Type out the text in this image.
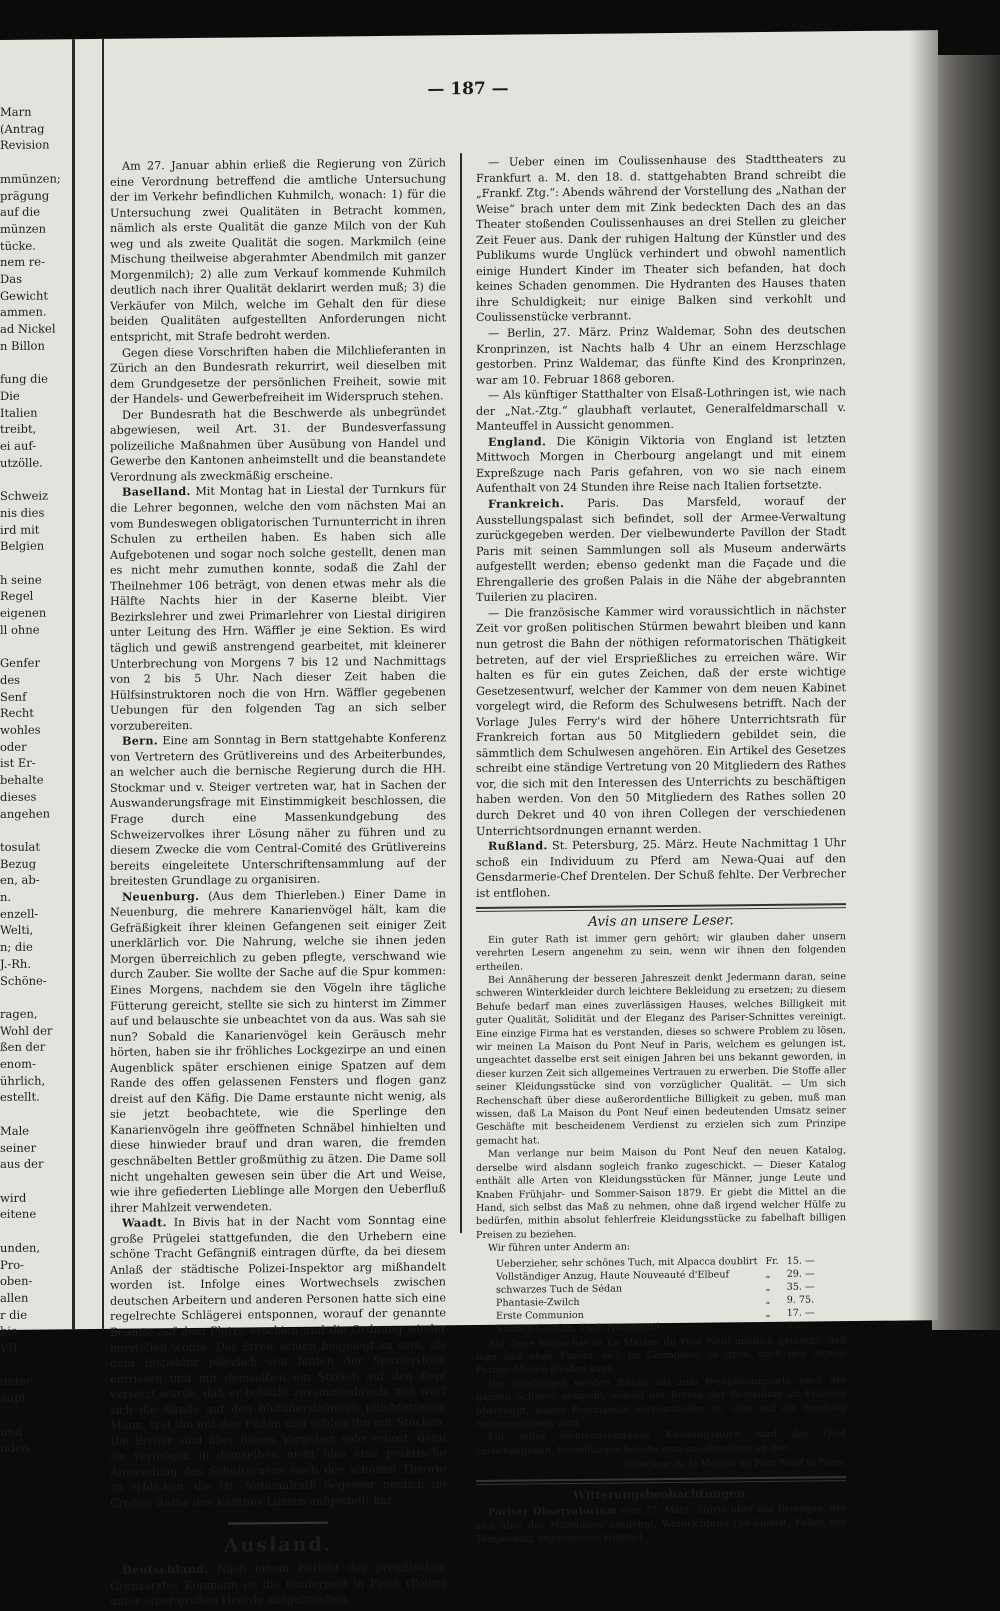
— 187 —
Marn
(Antrag
Revision

mmünzen;
prägung
auf die
münzen
tücke.
nem re-
Das
Gewicht
ammen.
ad Nickel
n Billon

fung die
Die
Italien
treibt,
ei auf-
utzölle.

Schweiz
nis dies
ird mit
Belgien

h seine
Regel
eigenen
ll ohne

Genfer
des
Senf
Recht
wohles
oder
ist Er-
behalte
dieses
angehen

tosulat
Bezug
en, ab-
n.
enzell-
Welti,
n; die
J.-Rh.
Schöne-

ragen,
Wohl der
ßen der
enom-
ührlich,
estellt.

Male
seiner
aus der

wird
eitene

unden,
Pro-
oben-
allen
r die
bis
VII.

unter
aupt-

und
nden

Am 27. Januar abhin erließ die Regierung von Zürich eine Verordnung betreffend die amtliche Untersuchung der im Verkehr befindlichen Kuhmilch, wonach: 1) für die Untersuchung zwei Qualitäten in Betracht kommen, nämlich als erste Qualität die ganze Milch von der Kuh weg und als zweite Qualität die sogen. Markmilch (eine Mischung theilweise abgerahmter Abendmilch mit ganzer Morgenmilch); 2) alle zum Verkauf kommende Kuhmilch deutlich nach ihrer Qualität deklarirt werden muß; 3) die Verkäufer von Milch, welche im Gehalt den für diese beiden Qualitäten aufgestellten Anforderungen nicht entspricht, mit Strafe bedroht werden.

Gegen diese Vorschriften haben die Milchlieferanten in Zürich an den Bundesrath rekurrirt, weil dieselben mit dem Grundgesetze der persönlichen Freiheit, sowie mit der Handels- und Gewerbefreiheit im Widerspruch stehen.

Der Bundesrath hat die Beschwerde als unbegründet abgewiesen, weil Art. 31. der Bundesverfassung polizeiliche Maßnahmen über Ausübung von Handel und Gewerbe den Kantonen anheimstellt und die beanstandete Verordnung als zweckmäßig erscheine.

Baselland. Mit Montag hat in Liestal der Turnkurs für die Lehrer begonnen, welche den vom nächsten Mai an vom Bundeswegen obligatorischen Turnunterricht in ihren Schulen zu ertheilen haben. Es haben sich alle Aufgebotenen und sogar noch solche gestellt, denen man es nicht mehr zumuthen konnte, sodaß die Zahl der Theilnehmer 106 beträgt, von denen etwas mehr als die Hälfte Nachts hier in der Kaserne bleibt. Vier Bezirkslehrer und zwei Primarlehrer von Liestal dirigiren unter Leitung des Hrn. Wäffler je eine Sektion. Es wird täglich und gewiß anstrengend gearbeitet, mit kleinerer Unterbrechung von Morgens 7 bis 12 und Nachmittags von 2 bis 5 Uhr. Nach dieser Zeit haben die Hülfsinstruktoren noch die von Hrn. Wäffler gegebenen Uebungen für den folgenden Tag an sich selber vorzubereiten.

Bern. Eine am Sonntag in Bern stattgehabte Konferenz von Vertretern des Grütlivereins und des Arbeiterbundes, an welcher auch die bernische Regierung durch die HH. Stockmar und v. Steiger vertreten war, hat in Sachen der Auswanderungsfrage mit Einstimmigkeit beschlossen, die Frage durch eine Massenkundgebung des Schweizervolkes ihrer Lösung näher zu führen und zu diesem Zwecke die vom Central-Comité des Grütlivereins bereits eingeleitete Unterschriftensammlung auf der breitesten Grundlage zu organisiren.

Neuenburg. (Aus dem Thierleben.) Einer Dame in Neuenburg, die mehrere Kanarienvögel hält, kam die Gefräßigkeit ihrer kleinen Gefangenen seit einiger Zeit unerklärlich vor. Die Nahrung, welche sie ihnen jeden Morgen überreichlich zu geben pflegte, verschwand wie durch Zauber. Sie wollte der Sache auf die Spur kommen: Eines Morgens, nachdem sie den Vögeln ihre tägliche Fütterung gereicht, stellte sie sich zu hinterst im Zimmer auf und belauschte sie unbeachtet von da aus. Was sah sie nun? Sobald die Kanarienvögel kein Geräusch mehr hörten, haben sie ihr fröhliches Lockgezirpe an und einen Augenblick später erschienen einige Spatzen auf dem Rande des offen gelassenen Fensters und flogen ganz dreist auf den Käfig. Die Dame erstaunte nicht wenig, als sie jetzt beobachtete, wie die Sperlinge den Kanarienvögeln ihre geöffneten Schnäbel hinhielten und diese hinwieder brauf und dran waren, die fremden geschnäbelten Bettler großmüthig zu ätzen. Die Dame soll nicht ungehalten gewesen sein über die Art und Weise, wie ihre gefiederten Lieblinge alle Morgen den Ueberfluß ihrer Mahlzeit verwendeten.

Waadt. In Bivis hat in der Nacht vom Sonntag eine große Prügelei stattgefunden, die den Urhebern eine schöne Tracht Gefängniß eintragen dürfte, da bei diesem Anlaß der städtische Polizei-Inspektor arg mißhandelt worden ist. Infolge eines Wortwechsels zwischen deutschen Arbeitern und anderen Personen hatte sich eine regelrechte Schlägerei entsponnen, worauf der genannte Beamte auf dem Platze erschien und die Ordnung wieder herstellen wollte. Der Streit schien beigelegt zu sein, als dem Inspektor plötzlich von hinten der Spazierstock entrissen und mit demselben ein Streich auf den Kopf versetzt wurde, daß er betäubt zusammenbrach; nun warf sich die Bande auf den blutüberströmten pflichtetreuen Mann, trat ihn mit den Füßen und schlug ihn mit Stöcken. Die Bivifer sind über dieses Vergehen sehr erbost, denn sie vermögen in demselben nicht blos eine praktische Anwendung des Schulturnens nach der schönen Theorie zu erblicken, die Hr. Nationalrath Segesser neulich im Großen Rathe des Kantons Luzern aufgestellt hat.

Ausland.

Deutschland. Nach einem Bericht des preußischen Grenzarztes Kopmann ist die Rinderpest in Plock (Polen) unter einer großen Heerde ausgebrochen.

— Ueber einen im Coulissenhause des Stadttheaters zu Frankfurt a. M. den 18. d. stattgehabten Brand schreibt die „Frankf. Ztg.“: Abends während der Vorstellung des „Nathan der Weise“ brach unter dem mit Zink bedeckten Dach des an das Theater stoßenden Coulissenhauses an drei Stellen zu gleicher Zeit Feuer aus. Dank der ruhigen Haltung der Künstler und des Publikums wurde Unglück verhindert und obwohl namentlich einige Hundert Kinder im Theater sich befanden, hat doch keines Schaden genommen. Die Hydranten des Hauses thaten ihre Schuldigkeit; nur einige Balken sind verkohlt und Coulissenstücke verbrannt.

— Berlin, 27. März. Prinz Waldemar, Sohn des deutschen Kronprinzen, ist Nachts halb 4 Uhr an einem Herzschlage gestorben. Prinz Waldemar, das fünfte Kind des Kronprinzen, war am 10. Februar 1868 geboren.

— Als künftiger Statthalter von Elsaß-Lothringen ist, wie nach der „Nat.-Ztg.“ glaubhaft verlautet, Generalfeldmarschall v. Manteuffel in Aussicht genommen.

England. Die Königin Viktoria von England ist letzten Mittwoch Morgen in Cherbourg angelangt und mit einem Expreßzuge nach Paris gefahren, von wo sie nach einem Aufenthalt von 24 Stunden ihre Reise nach Italien fortsetzte.

Frankreich. Paris. Das Marsfeld, worauf der Ausstellungspalast sich befindet, soll der Armee-Verwaltung zurückgegeben werden. Der vielbewunderte Pavillon der Stadt Paris mit seinen Sammlungen soll als Museum anderwärts aufgestellt werden; ebenso gedenkt man die Façade und die Ehrengallerie des großen Palais in die Nähe der abgebrannten Tuilerien zu placiren.

— Die französische Kammer wird voraussichtlich in nächster Zeit vor großen politischen Stürmen bewahrt bleiben und kann nun getrost die Bahn der nöthigen reformatorischen Thätigkeit betreten, auf der viel Ersprießliches zu erreichen wäre. Wir halten es für ein gutes Zeichen, daß der erste wichtige Gesetzesentwurf, welcher der Kammer von dem neuen Kabinet vorgelegt wird, die Reform des Schulwesens betrifft. Nach der Vorlage Jules Ferry's wird der höhere Unterrichtsrath für Frankreich fortan aus 50 Mitgliedern gebildet sein, die sämmtlich dem Schulwesen angehören. Ein Artikel des Gesetzes schreibt eine ständige Vertretung von 20 Mitgliedern des Rathes vor, die sich mit den Interessen des Unterrichts zu beschäftigen haben werden. Von den 50 Mitgliedern des Rathes sollen 20 durch Dekret und 40 von ihren Collegen der verschiedenen Unterrichtsordnungen ernannt werden.

Rußland. St. Petersburg, 25. März. Heute Nachmittag 1 Uhr schoß ein Individuum zu Pferd am Newa-Quai auf den Gensdarmerie-Chef Drentelen. Der Schuß fehlte. Der Verbrecher ist entflohen.

Avis an unsere Leser.

Ein guter Rath ist immer gern gehört; wir glauben daher unsern verehrten Lesern angenehm zu sein, wenn wir ihnen den folgenden ertheilen.

Bei Annäherung der besseren Jahreszeit denkt Jedermann daran, seine schweren Winterkleider durch leichtere Bekleidung zu ersetzen; zu diesem Behufe bedarf man eines zuverlässigen Hauses, welches Billigkeit mit guter Qualität, Solidität und der Eleganz des Pariser-Schnittes vereinigt. Eine einzige Firma hat es verstanden, dieses so schwere Problem zu lösen, wir meinen La Maison du Pont Neuf in Paris, welchem es gelungen ist, ungeachtet dasselbe erst seit einigen Jahren bei uns bekannt geworden, in dieser kurzen Zeit sich allgemeines Vertrauen zu erwerben. Die Stoffe aller seiner Kleidungsstücke sind von vorzüglicher Qualität. — Um sich Rechenschaft über diese außerordentliche Billigkeit zu geben, muß man wissen, daß La Maison du Pont Neuf einen bedeutenden Umsatz seiner Geschäfte mit bescheidenem Verdienst zu erzielen sich zum Prinzipe gemacht hat.

Man verlange nur beim Maison du Pont Neuf den neuen Katalog, derselbe wird alsdann sogleich franko zugeschickt. — Dieser Katalog enthält alle Arten von Kleidungsstücken für Männer, junge Leute und Knaben Frühjahr- und Sommer-Saison 1879. Er giebt die Mittel an die Hand, sich selbst das Maß zu nehmen, ohne daß irgend welcher Hülfe zu bedürfen, mithin absolut fehlerfreie Kleidungsstücke zu fabelhaft billigen Preisen zu beziehen.

Wir führen unter Anderm an:

Ueberzieher, sehr schönes Tuch, mit Alpacca doublirt	Fr.	15. —
Vollständiger Anzug, Haute Nouveauté d'Elbeuf	„	29. —
schwarzes Tuch de Sédan	„	35. —
Phantasie-Zwilch	„	9. 75.
Erste Communion	„	17. —
Knaben-Costüm, Tuch-Nouveauté	„	5. —

Auf diese Weise hat es La Maison du Pont Neuf möglich gemacht, daß man sich ohne Furcht, sich im Geringsten zu irren, nach den letzten Pariser-Moden kleiden kann.

Die Sendungen werden franko bis zum Bestimmungsorte nach der ganzen Schweiz gemacht, sobald der Betrag der Bestellung 25 Franken übersteigt, weder Postmandat einzuschicken ist, oder auf die Sendung nachgenommen wird.

Für jedes nichtconvenirende Kleidungsstück wird das Geld zurückgegeben. Bestellungen beliebe man zu adressiren an den

Directeur de la Maison du Pont Neuf in Paris.
Witterungsbeobachtungen.

Pariser Observatorium vom 27. März. Sturm über der Bretagne, der sich über das Mittelmeer ausdehnt. Windrichtung Ost-Südost. Fallen der Temperatur, regnerischer Himmel.
